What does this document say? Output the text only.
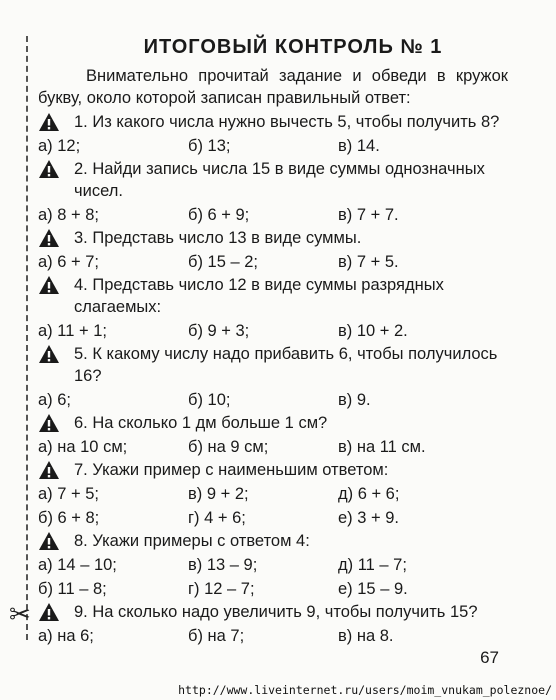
✂
ИТОГОВЫЙ КОНТРОЛЬ № 1
Внимательно прочитай задание и обведи в кружок букву, около которой записан правильный ответ:
1. Из какого числа нужно вычесть 5, чтобы получить 8?
а) 12;	б) 13;	в) 14.
2. Найди запись числа 15 в виде суммы однозначных чисел.
а) 8 + 8;	б) 6 + 9;	в) 7 + 7.
3. Представь число 13 в виде суммы.
а) 6 + 7;	б) 15 – 2;	в) 7 + 5.
4. Представь число 12 в виде суммы разрядных слагаемых:
а) 11 + 1;	б) 9 + 3;	в) 10 + 2.
5. К какому числу надо прибавить 6, чтобы получилось 16?
а) 6;	б) 10;	в) 9.
6. На сколько 1 дм больше 1 см?
а) на 10 см;	б) на 9 см;	в) на 11 см.
7. Укажи пример с наименьшим ответом:
а) 7 + 5;	в) 9 + 2;	д) 6 + 6;
б) 6 + 8;	г) 4 + 6;	е) 3 + 9.
8. Укажи примеры с ответом 4:
а) 14 – 10;	в) 13 – 9;	д) 11 – 7;
б) 11 – 8;	г) 12 – 7;	е) 15 – 9.
9. На сколько надо увеличить 9, чтобы получить 15?
а) на 6;	б) на 7;	в) на 8.
67
http://www.liveinternet.ru/users/moim_vnukam_poleznoe/
